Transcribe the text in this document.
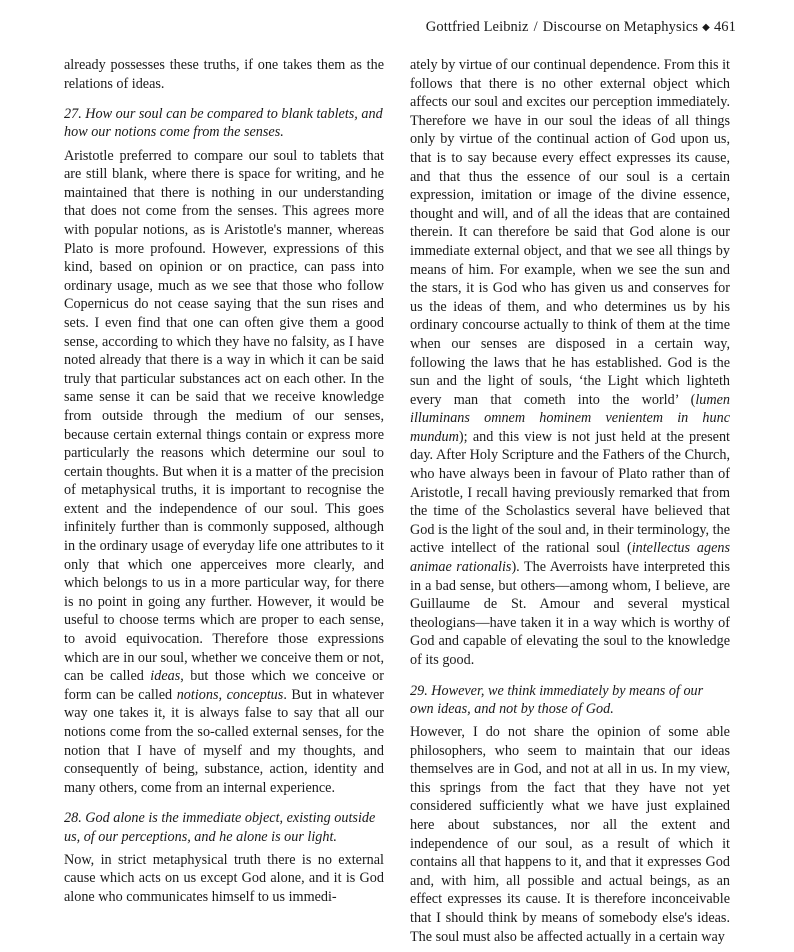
Gottfried Leibniz / Discourse on Metaphysics ◆ 461

already possesses these truths, if one takes them as the relations of ideas.

27. How our soul can be compared to blank tablets, and how our notions come from the senses.

Aristotle preferred to compare our soul to tablets that are still blank, where there is space for writing, and he maintained that there is nothing in our understanding that does not come from the senses. This agrees more with popular notions, as is Aristotle's manner, whereas Plato is more profound. However, expressions of this kind, based on opinion or on practice, can pass into ordinary usage, much as we see that those who follow Copernicus do not cease saying that the sun rises and sets. I even find that one can often give them a good sense, according to which they have no falsity, as I have noted already that there is a way in which it can be said truly that particular substances act on each other. In the same sense it can be said that we receive knowledge from outside through the medium of our senses, because certain external things contain or express more particularly the reasons which determine our soul to certain thoughts. But when it is a matter of the precision of metaphysical truths, it is important to recognise the extent and the independence of our soul. This goes infinitely further than is commonly supposed, although in the ordinary usage of everyday life one attributes to it only that which one apperceives more clearly, and which belongs to us in a more particular way, for there is no point in going any further. However, it would be useful to choose terms which are proper to each sense, to avoid equivocation. Therefore those expressions which are in our soul, whether we conceive them or not, can be called ideas, but those which we conceive or form can be called notions, conceptus. But in whatever way one takes it, it is always false to say that all our notions come from the so-called external senses, for the notion that I have of myself and my thoughts, and consequently of being, substance, action, identity and many others, come from an internal experience.

28. God alone is the immediate object, existing outside us, of our perceptions, and he alone is our light.

Now, in strict metaphysical truth there is no external cause which acts on us except God alone, and it is God alone who communicates himself to us immedi-

ately by virtue of our continual dependence. From this it follows that there is no other external object which affects our soul and excites our perception immediately. Therefore we have in our soul the ideas of all things only by virtue of the continual action of God upon us, that is to say because every effect expresses its cause, and that thus the essence of our soul is a certain expression, imitation or image of the divine essence, thought and will, and of all the ideas that are contained therein. It can therefore be said that God alone is our immediate external object, and that we see all things by means of him. For example, when we see the sun and the stars, it is God who has given us and conserves for us the ideas of them, and who determines us by his ordinary concourse actually to think of them at the time when our senses are disposed in a certain way, following the laws that he has established. God is the sun and the light of souls, ‘the Light which lighteth every man that cometh into the world’ (lumen illuminans omnem hominem venientem in hunc mundum); and this view is not just held at the present day. After Holy Scripture and the Fathers of the Church, who have always been in favour of Plato rather than of Aristotle, I recall having previously remarked that from the time of the Scholastics several have believed that God is the light of the soul and, in their terminology, the active intellect of the rational soul (intellectus agens animae rationalis). The Averroists have interpreted this in a bad sense, but others—among whom, I believe, are Guillaume de St. Amour and several mystical theologians—have taken it in a way which is worthy of God and capable of elevating the soul to the knowledge of its good.

29. However, we think immediately by means of our own ideas, and not by those of God.

However, I do not share the opinion of some able philosophers, who seem to maintain that our ideas themselves are in God, and not at all in us. In my view, this springs from the fact that they have not yet considered sufficiently what we have just explained here about substances, nor all the extent and independence of our soul, as a result of which it contains all that happens to it, and that it expresses God and, with him, all possible and actual beings, as an effect expresses its cause. It is therefore inconceivable that I should think by means of somebody else's ideas. The soul must also be affected actually in a certain way
